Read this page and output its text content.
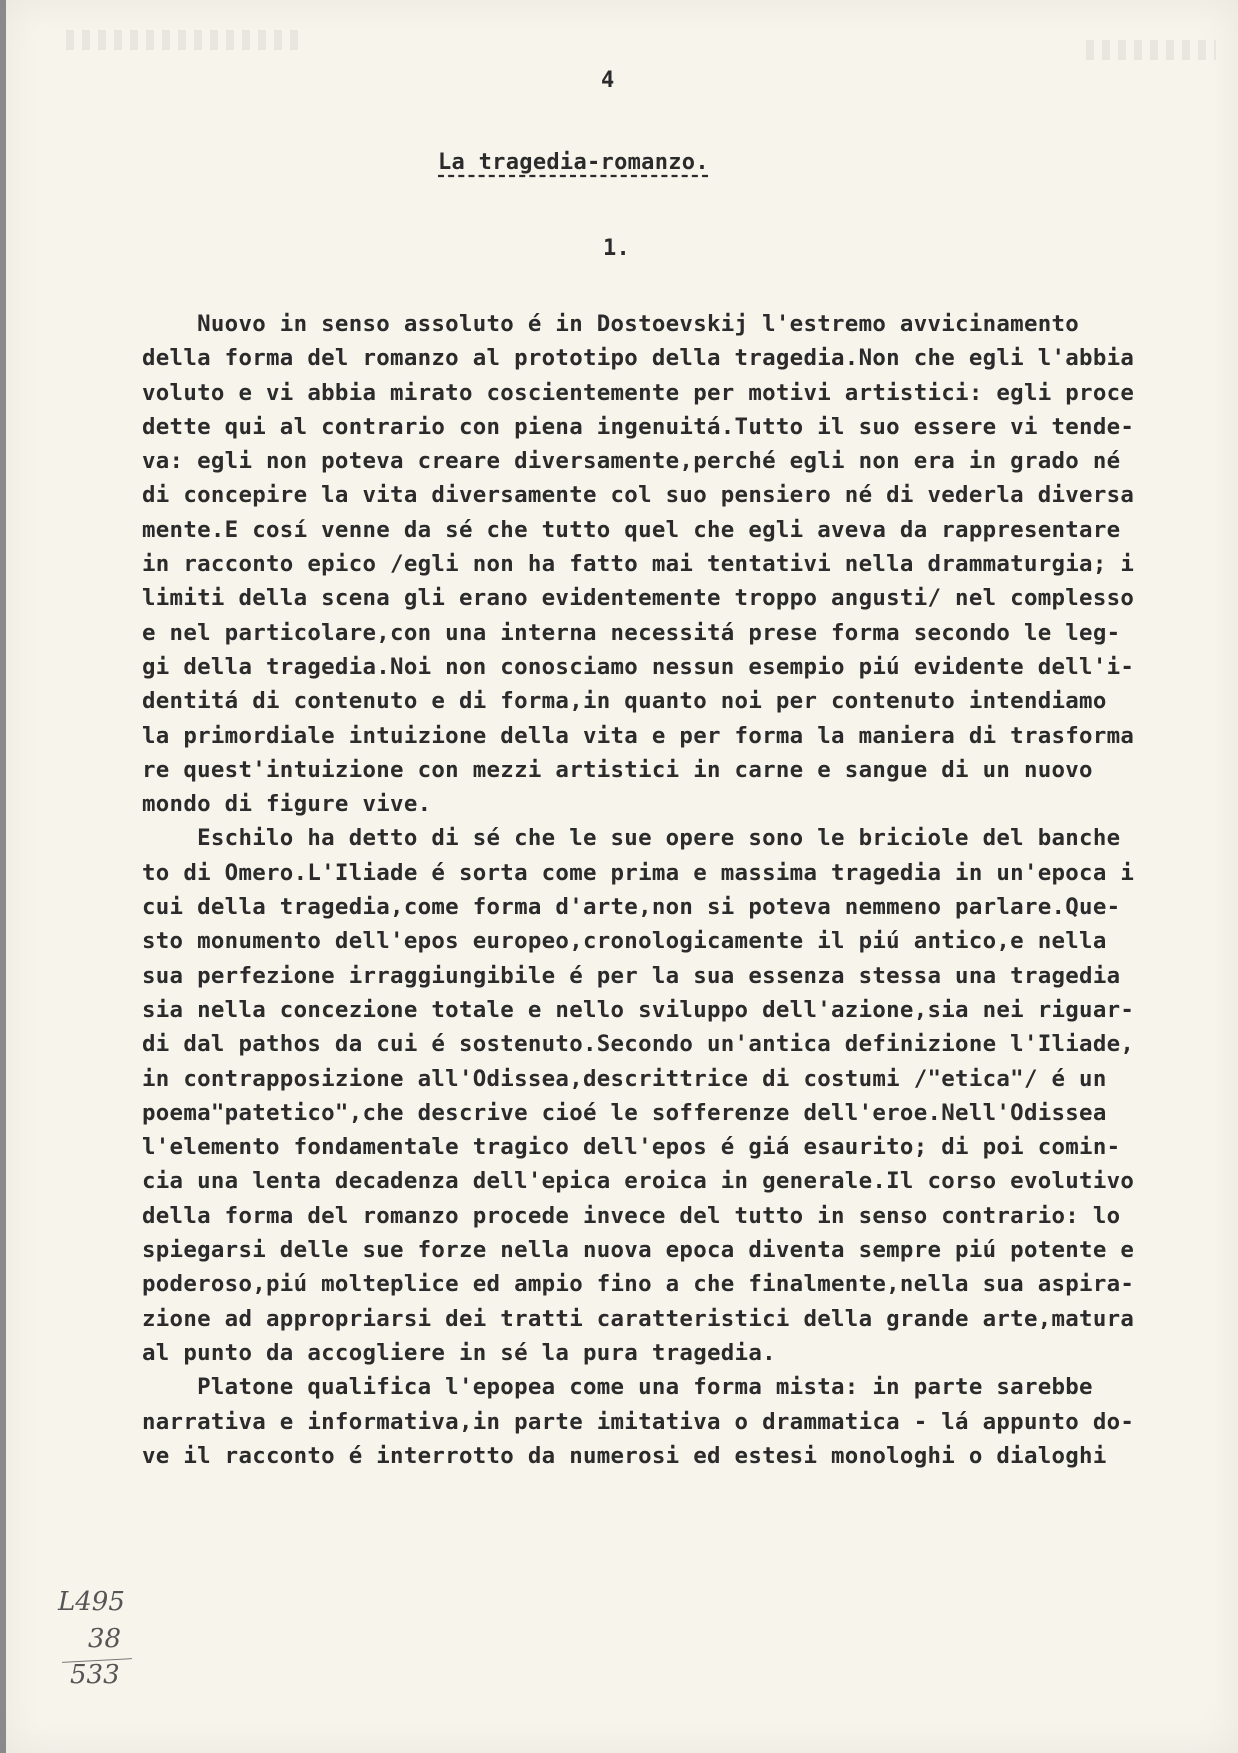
4
La tragedia-romanzo.
1.
Nuovo in senso assoluto é in Dostoevskij l'estremo avvicinamento
della forma del romanzo al prototipo della tragedia.Non che egli l'abbia
voluto e vi abbia mirato coscientemente per motivi artistici: egli proce
dette qui al contrario con piena ingenuitá.Tutto il suo essere vi tende-
va: egli non poteva creare diversamente,perché egli non era in grado né
di concepire la vita diversamente col suo pensiero né di vederla diversa
mente.E cosí venne da sé che tutto quel che egli aveva da rappresentare
in racconto epico /egli non ha fatto mai tentativi nella drammaturgia; i
limiti della scena gli erano evidentemente troppo angusti/ nel complesso
e nel particolare,con una interna necessitá prese forma secondo le leg-
gi della tragedia.Noi non conosciamo nessun esempio piú evidente dell'i-
dentitá di contenuto e di forma,in quanto noi per contenuto intendiamo
la primordiale intuizione della vita e per forma la maniera di trasforma
re quest'intuizione con mezzi artistici in carne e sangue di un nuovo
mondo di figure vive.
Eschilo ha detto di sé che le sue opere sono le briciole del banche
to di Omero.L'Iliade é sorta come prima e massima tragedia in un'epoca i
cui della tragedia,come forma d'arte,non si poteva nemmeno parlare.Que-
sto monumento dell'epos europeo,cronologicamente il piú antico,e nella
sua perfezione irraggiungibile é per la sua essenza stessa una tragedia
sia nella concezione totale e nello sviluppo dell'azione,sia nei riguar-
di dal pathos da cui é sostenuto.Secondo un'antica definizione l'Iliade,
in contrapposizione all'Odissea,descrittrice di costumi /"etica"/ é un
poema"patetico",che descrive cioé le sofferenze dell'eroe.Nell'Odissea
l'elemento fondamentale tragico dell'epos é giá esaurito; di poi comin-
cia una lenta decadenza dell'epica eroica in generale.Il corso evolutivo
della forma del romanzo procede invece del tutto in senso contrario: lo
spiegarsi delle sue forze nella nuova epoca diventa sempre piú potente e
poderoso,piú molteplice ed ampio fino a che finalmente,nella sua aspira-
zione ad appropriarsi dei tratti caratteristici della grande arte,matura
al punto da accogliere in sé la pura tragedia.
Platone qualifica l'epopea come una forma mista: in parte sarebbe
narrativa e informativa,in parte imitativa o drammatica - lá appunto do-
ve il racconto é interrotto da numerosi ed estesi monologhi o dialoghi
L495
38
533
